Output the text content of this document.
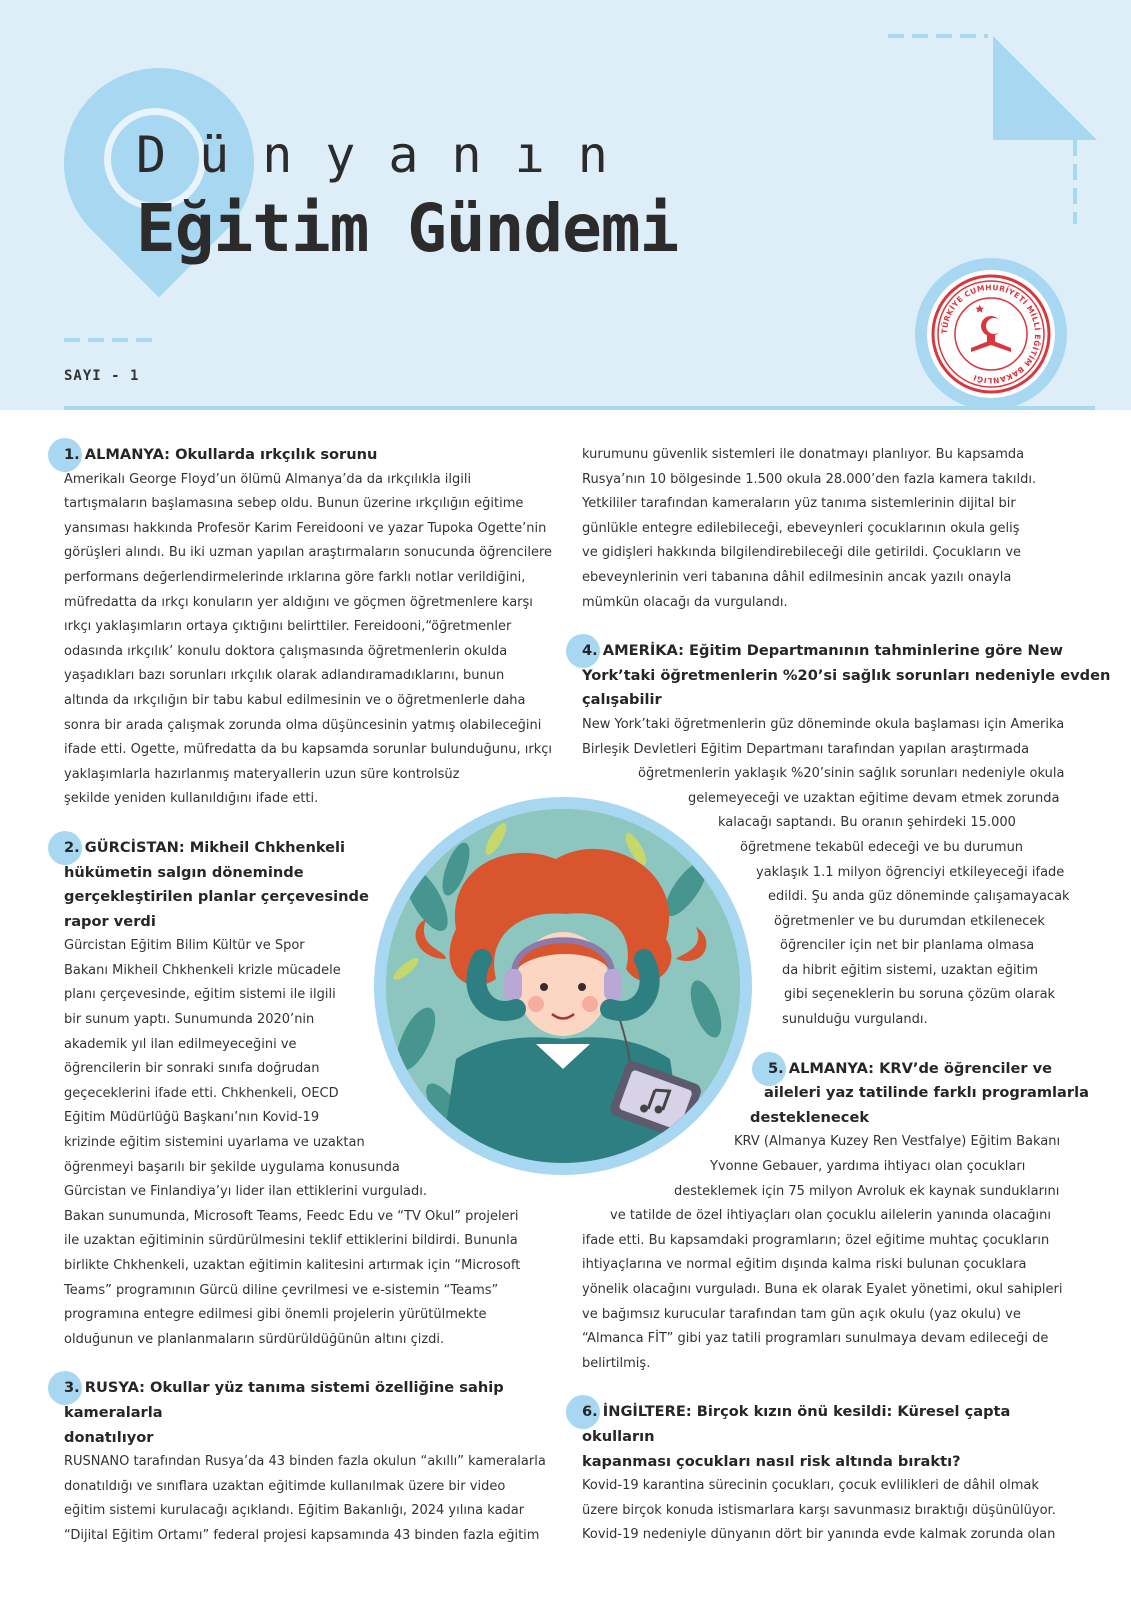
Dünyanın
Eğitim Gündemi
SAYI - 1
TÜRKİYE CUMHURİYETİ MİLLİ EĞİTİM BAKANLIĞI

1. ALMANYA: Okullarda ırkçılık sorunu

Amerikalı George Floyd’un ölümü Almanya’da da ırkçılıkla ilgili
tartışmaların başlamasına sebep oldu. Bunun üzerine ırkçılığın eğitime
yansıması hakkında Profesör Karim Fereidooni ve yazar Tupoka Ogette’nin
görüşleri alındı. Bu iki uzman yapılan araştırmaların sonucunda öğrencilere
performans değerlendirmelerinde ırklarına göre farklı notlar verildiğini,
müfredatta da ırkçı konuların yer aldığını ve göçmen öğretmenlere karşı
ırkçı yaklaşımların ortaya çıktığını belirttiler. Fereidooni,“öğretmenler
odasında ırkçılık’ konulu doktora çalışmasında öğretmenlerin okulda
yaşadıkları bazı sorunları ırkçılık olarak adlandıramadıklarını, bunun
altında da ırkçılığın bir tabu kabul edilmesinin ve o öğretmenlerle daha
sonra bir arada çalışmak zorunda olma düşüncesinin yatmış olabileceğini
ifade etti. Ogette, müfredatta da bu kapsamda sorunlar bulunduğunu, ırkçı
yaklaşımlarla hazırlanmış materyallerin uzun süre kontrolsüz
şekilde yeniden kullanıldığını ifade etti.

2. GÜRCİSTAN: Mikheil Chkhenkeli

hükümetin salgın döneminde

gerçekleştirilen planlar çerçevesinde

rapor verdi

Gürcistan Eğitim Bilim Kültür ve Spor
Bakanı Mikheil Chkhenkeli krizle mücadele
planı çerçevesinde, eğitim sistemi ile ilgili
bir sunum yaptı. Sunumunda 2020’nin
akademik yıl ilan edilmeyeceğini ve
öğrencilerin bir sonraki sınıfa doğrudan
geçeceklerini ifade etti. Chkhenkeli, OECD
Eğitim Müdürlüğü Başkanı’nın Kovid-19
krizinde eğitim sistemini uyarlama ve uzaktan
öğrenmeyi başarılı bir şekilde uygulama konusunda
Gürcistan ve Finlandiya’yı lider ilan ettiklerini vurguladı.
Bakan sunumunda, Microsoft Teams, Feedc Edu ve “TV Okul” projeleri
ile uzaktan eğitiminin sürdürülmesini teklif ettiklerini bildirdi. Bununla
birlikte Chkhenkeli, uzaktan eğitimin kalitesini artırmak için “Microsoft
Teams” programının Gürcü diline çevrilmesi ve e-sistemin “Teams”
programına entegre edilmesi gibi önemli projelerin yürütülmekte
olduğunun ve planlanmaların sürdürüldüğünün altını çizdi.

3. RUSYA: Okullar yüz tanıma sistemi özelliğine sahip kameralarla

donatılıyor

RUSNANO tarafından Rusya’da 43 binden fazla okulun “akıllı” kameralarla
donatıldığı ve sınıflara uzaktan eğitimde kullanılmak üzere bir video
eğitim sistemi kurulacağı açıklandı. Eğitim Bakanlığı, 2024 yılına kadar
“Dijital Eğitim Ortamı” federal projesi kapsamında 43 binden fazla eğitim
kurumunu güvenlik sistemleri ile donatmayı planlıyor. Bu kapsamda
Rusya’nın 10 bölgesinde 1.500 okula 28.000’den fazla kamera takıldı.
Yetkililer tarafından kameraların yüz tanıma sistemlerinin dijital bir
günlükle entegre edilebileceği, ebeveynleri çocuklarının okula geliş
ve gidişleri hakkında bilgilendirebileceği dile getirildi. Çocukların ve
ebeveynlerinin veri tabanına dâhil edilmesinin ancak yazılı onayla
mümkün olacağı da vurgulandı.

4. AMERİKA: Eğitim Departmanının tahminlerine göre New

York’taki öğretmenlerin %20’si sağlık sorunları nedeniyle evden

çalışabilir

New York’taki öğretmenlerin güz döneminde okula başlaması için Amerika
Birleşik Devletleri Eğitim Departmanı tarafından yapılan araştırmada
öğretmenlerin yaklaşık %20’sinin sağlık sorunları nedeniyle okula
gelemeyeceği ve uzaktan eğitime devam etmek zorunda
kalacağı saptandı. Bu oranın şehirdeki 15.000
öğretmene tekabül edeceği ve bu durumun
yaklaşık 1.1 milyon öğrenciyi etkileyeceği ifade
edildi. Şu anda güz döneminde çalışamayacak
öğretmenler ve bu durumdan etkilenecek
öğrenciler için net bir planlama olmasa
da hibrit eğitim sistemi, uzaktan eğitim
gibi seçeneklerin bu soruna çözüm olarak
sunulduğu vurgulandı.

5. ALMANYA: KRV’de öğrenciler ve

aileleri yaz tatilinde farklı programlarla

desteklenecek

KRV (Almanya Kuzey Ren Vestfalye) Eğitim Bakanı
Yvonne Gebauer, yardıma ihtiyacı olan çocukları
desteklemek için 75 milyon Avroluk ek kaynak sunduklarını
ve tatilde de özel ihtiyaçları olan çocuklu ailelerin yanında olacağını
ifade etti. Bu kapsamdaki programların; özel eğitime muhtaç çocukların
ihtiyaçlarına ve normal eğitim dışında kalma riski bulunan çocuklara
yönelik olacağını vurguladı. Buna ek olarak Eyalet yönetimi, okul sahipleri
ve bağımsız kurucular tarafından tam gün açık okulu (yaz okulu) ve
“Almanca FİT” gibi yaz tatili programları sunulmaya devam edileceği de
belirtilmiş.

6. İNGİLTERE: Birçok kızın önü kesildi: Küresel çapta okulların

kapanması çocukları nasıl risk altında bıraktı?

Kovid-19 karantina sürecinin çocukları, çocuk evlilikleri de dâhil olmak
üzere birçok konuda istismarlara karşı savunmasız bıraktığı düşünülüyor.
Kovid-19 nedeniyle dünyanın dört bir yanında evde kalmak zorunda olan
